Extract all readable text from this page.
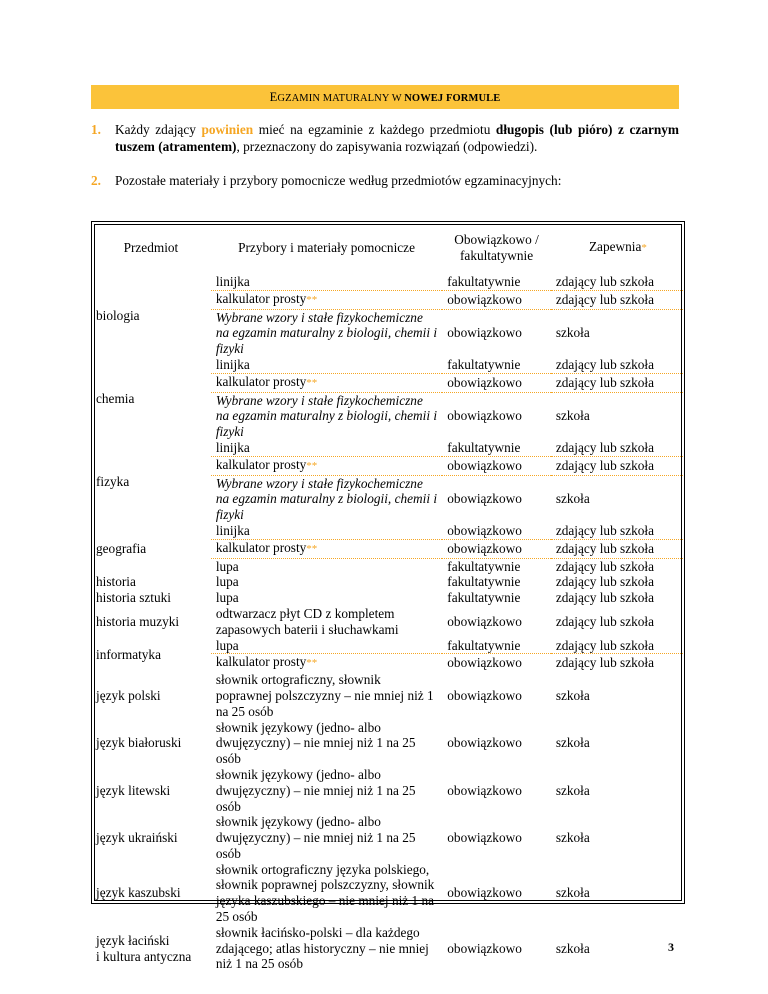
EGZAMIN MATURALNY W NOWEJ FORMULE
1. Każdy zdający powinien mieć na egzaminie z każdego przedmiotu długopis (lub pióro) z czarnym tuszem (atramentem), przeznaczony do zapisywania rozwiązań (odpowiedzi).
2. Pozostałe materiały i przybory pomocnicze według przedmiotów egzaminacyjnych:
Przedmiot	Przybory i materiały pomocnicze	Obowiązkowo / fakultatywnie	Zapewnia*
biologia	linijka	fakultatywnie	zdający lub szkoła
	kalkulator prosty**	obowiązkowo	zdający lub szkoła
	Wybrane wzory i stałe fizykochemiczne na egzamin maturalny z biologii, chemii i fizyki	obowiązkowo	szkoła
chemia	linijka	fakultatywnie	zdający lub szkoła
	kalkulator prosty**	obowiązkowo	zdający lub szkoła
	Wybrane wzory i stałe fizykochemiczne na egzamin maturalny z biologii, chemii i fizyki	obowiązkowo	szkoła
fizyka	linijka	fakultatywnie	zdający lub szkoła
	kalkulator prosty**	obowiązkowo	zdający lub szkoła
	Wybrane wzory i stałe fizykochemiczne na egzamin maturalny z biologii, chemii i fizyki	obowiązkowo	szkoła
geografia	linijka	obowiązkowo	zdający lub szkoła
	kalkulator prosty**	obowiązkowo	zdający lub szkoła
	lupa	fakultatywnie	zdający lub szkoła
historia	lupa	fakultatywnie	zdający lub szkoła
historia sztuki	lupa	fakultatywnie	zdający lub szkoła
historia muzyki	odtwarzacz płyt CD z kompletem zapasowych baterii i słuchawkami	obowiązkowo	zdający lub szkoła
informatyka	lupa	fakultatywnie	zdający lub szkoła
	kalkulator prosty**	obowiązkowo	zdający lub szkoła
język polski	słownik ortograficzny, słownik poprawnej polszczyzny – nie mniej niż 1 na 25 osób	obowiązkowo	szkoła
język białoruski	słownik językowy (jedno- albo dwujęzyczny) – nie mniej niż 1 na 25 osób	obowiązkowo	szkoła
język litewski	słownik językowy (jedno- albo dwujęzyczny) – nie mniej niż 1 na 25 osób	obowiązkowo	szkoła
język ukraiński	słownik językowy (jedno- albo dwujęzyczny) – nie mniej niż 1 na 25 osób	obowiązkowo	szkoła
język kaszubski	słownik ortograficzny języka polskiego, słownik poprawnej polszczyzny, słownik języka kaszubskiego – nie mniej niż 1 na 25 osób	obowiązkowo	szkoła
język łaciński
i kultura antyczna	słownik łacińsko-polski – dla każdego zdającego; atlas historyczny – nie mniej niż 1 na 25 osób	obowiązkowo	szkoła	3
